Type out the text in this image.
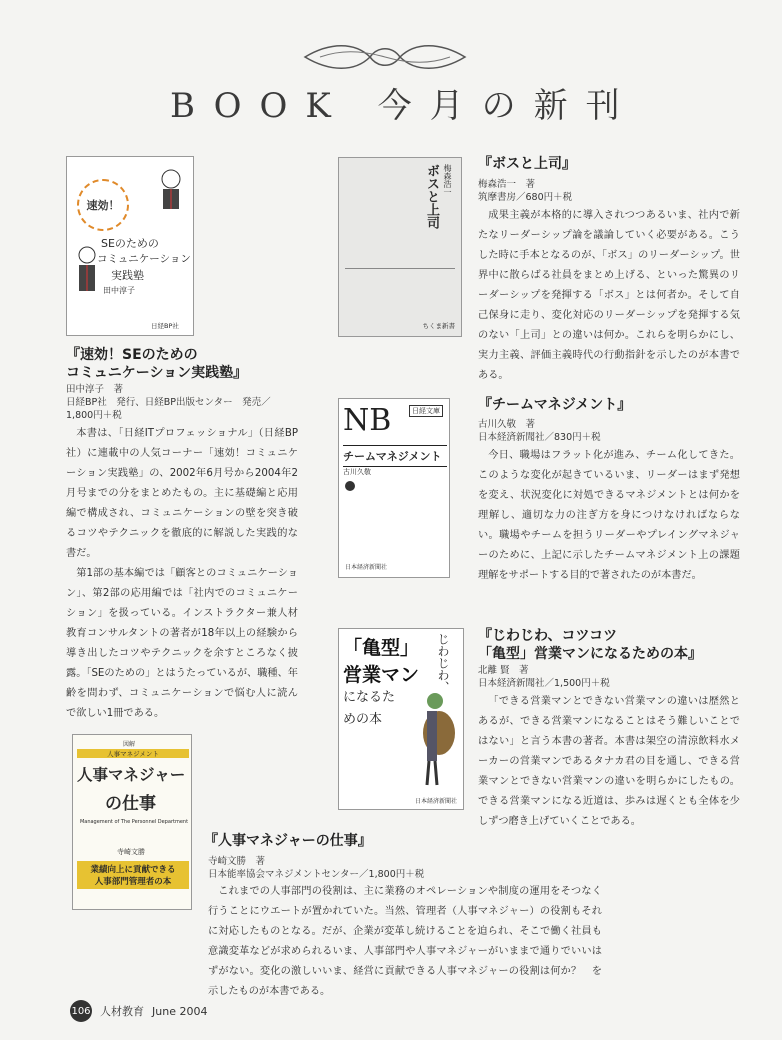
BOOK 今月の新刊
速効！
SEのための
コミュニケーション
実践塾
田中淳子
日経BP社
『速効！SEのための
コミュニケーション実践塾』
田中淳子　著
日経BP社　発行、日経BP出版センター　発売／
1,800円＋税

本書は、「日経ITプロフェッショナル」（日経BP社）に連載中の人気コーナー「速効！コミュニケーション実践塾」の、2002年6月号から2004年2月号までの分をまとめたもの。主に基礎編と応用編で構成され、コミュニケーションの壁を突き破るコツやテクニックを徹底的に解説した実践的な書だ。

第1部の基本編では「顧客とのコミュニケーション」、第2部の応用編では「社内でのコミュニケーション」を扱っている。インストラクター兼人材教育コンサルタントの著者が18年以上の経験から導き出したコツやテクニックを余すところなく披露。「SEのための」とはうたっているが、職種、年齢を問わず、コミュニケーションで悩む人に読んで欲しい1冊である。

梅森浩一
ボスと上司
ちくま新書
『ボスと上司』
梅森浩一　著
筑摩書房／680円＋税

成果主義が本格的に導入されつつあるいま、社内で新たなリーダーシップ論を議論していく必要がある。こうした時に手本となるのが、「ボス」のリーダーシップ。世界中に散らばる社員をまとめ上げる、といった驚異のリーダーシップを発揮する「ボス」とは何者か。そして自己保身に走り、変化対応のリーダーシップを発揮する気のない「上司」との違いは何か。これらを明らかにし、実力主義、評価主義時代の行動指針を示したのが本書である。

NB	日経文庫
チームマネジメント
古川久敬
日本経済新聞社
『チームマネジメント』
古川久敬　著
日本経済新聞社／830円＋税

今日、職場はフラット化が進み、チーム化してきた。このような変化が起きているいま、リーダーはまず発想を変え、状況変化に対処できるマネジメントとは何かを理解し、適切な力の注ぎ方を身につけなければならない。職場やチームを担うリーダーやプレイングマネジャーのために、上記に示したチームマネジメント上の課題理解をサポートする目的で著されたのが本書だ。

じわじわ、
「亀型」
営業マン
になるための本
日本経済新聞社
『じわじわ、コツコツ
「亀型」営業マンになるための本』
北離 賢　著
日本経済新聞社／1,500円＋税

「できる営業マンとできない営業マンの違いは歴然とあるが、できる営業マンになることはそう難しいことではない」と言う本書の著者。本書は架空の清涼飲料水メーカーの営業マンであるタナカ君の目を通し、できる営業マンとできない営業マンの違いを明らかにしたもの。できる営業マンになる近道は、歩みは遅くとも全体を少しずつ磨き上げていくことである。

図解
人事マネジメント
人事マネジャー
の仕事
Management of The Personnel Department
寺崎文勝
業績向上に貢献できる
人事部門管理者の本
『人事マネジャーの仕事』
寺崎文勝　著
日本能率協会マネジメントセンター／1,800円＋税

これまでの人事部門の役割は、主に業務のオペレーションや制度の運用をそつなく行うことにウエートが置かれていた。当然、管理者（人事マネジャー）の役割もそれに対応したものとなる。だが、企業が変革し続けることを迫られ、そこで働く社員も意識変革などが求められるいま、人事部門や人事マネジャーがいままで通りでいいはずがない。変化の激しいいま、経営に貢献できる人事マネジャーの役割は何か？　を示したものが本書である。

106 人材教育 June 2004
